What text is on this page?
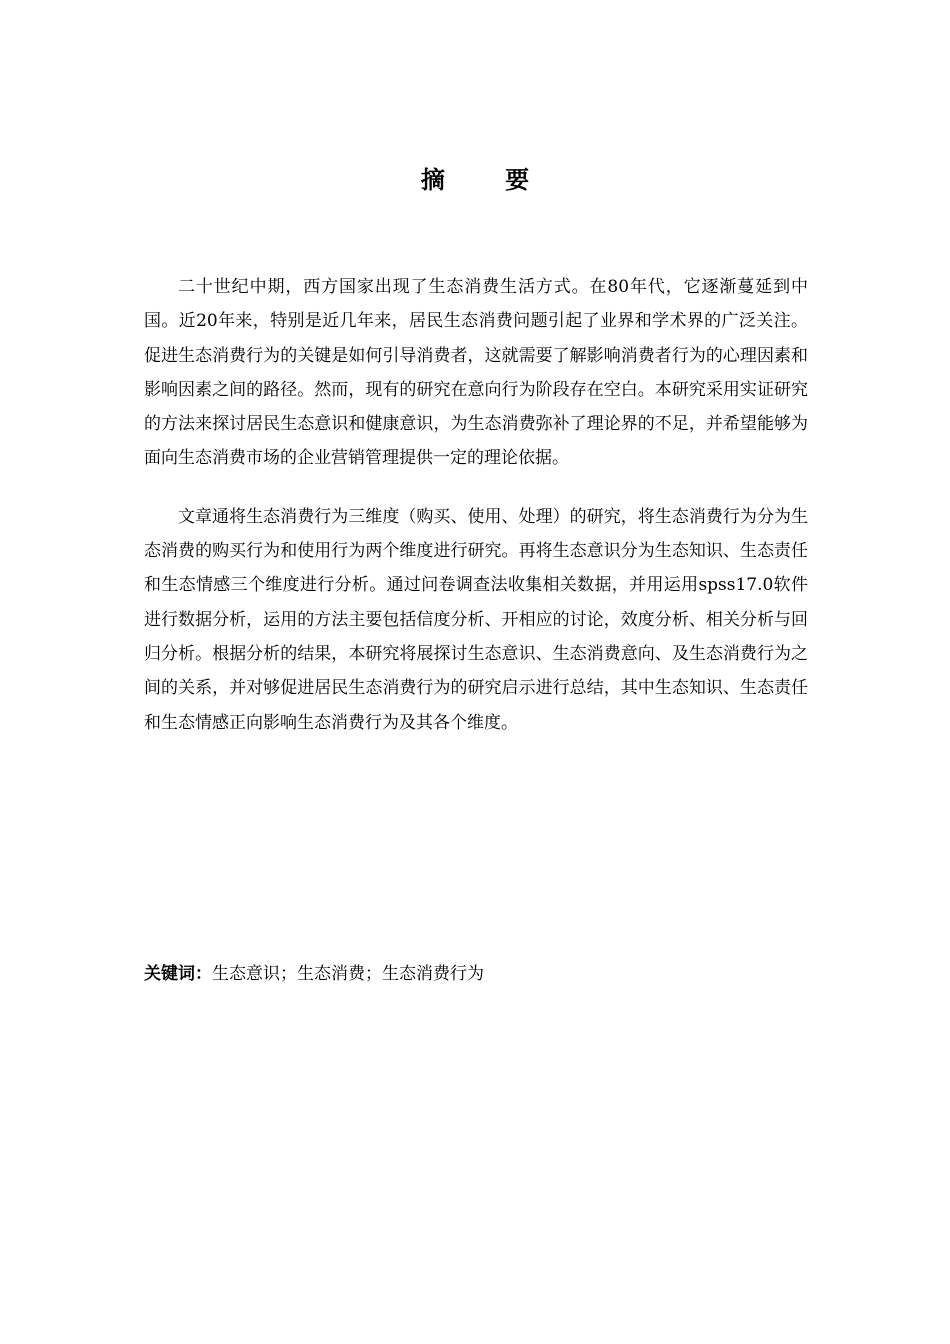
摘 要

二十世纪中期，西方国家出现了生态消费生活方式。在80年代，它逐渐蔓延到中国。近20年来，特别是近几年来，居民生态消费问题引起了业界和学术界的广泛关注。促进生态消费行为的关键是如何引导消费者，这就需要了解影响消费者行为的心理因素和影响因素之间的路径。然而，现有的研究在意向行为阶段存在空白。本研究采用实证研究的方法来探讨居民生态意识和健康意识，为生态消费弥补了理论界的不足，并希望能够为面向生态消费市场的企业营销管理提供一定的理论依据。

文章通将生态消费行为三维度（购买、使用、处理）的研究，将生态消费行为分为生态消费的购买行为和使用行为两个维度进行研究。再将生态意识分为生态知识、生态责任和生态情感三个维度进行分析。通过问卷调查法收集相关数据，并用运用spss17.0软件进行数据分析，运用的方法主要包括信度分析、开相应的讨论，效度分析、相关分析与回归分析。根据分析的结果，本研究将展探讨生态意识、生态消费意向、及生态消费行为之间的关系，并对够促进居民生态消费行为的研究启示进行总结，其中生态知识、生态责任和生态情感正向影响生态消费行为及其各个维度。

关键词：生态意识；生态消费；生态消费行为
